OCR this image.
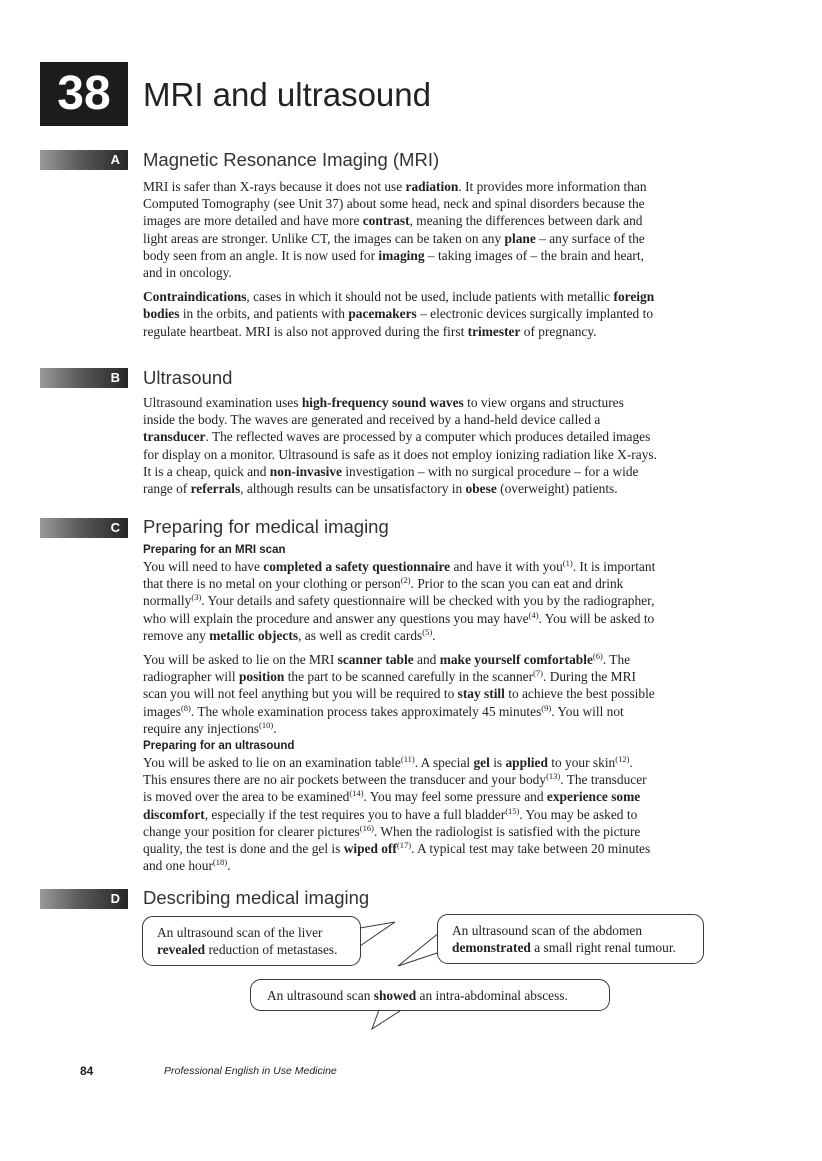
38 MRI and ultrasound
A Magnetic Resonance Imaging (MRI)

MRI is safer than X-rays because it does not use radiation. It provides more information than Computed Tomography (see Unit 37) about some head, neck and spinal disorders because the images are more detailed and have more contrast, meaning the differences between dark and light areas are stronger. Unlike CT, the images can be taken on any plane – any surface of the body seen from an angle. It is now used for imaging – taking images of – the brain and heart, and in oncology.

Contraindications, cases in which it should not be used, include patients with metallic foreign bodies in the orbits, and patients with pacemakers – electronic devices surgically implanted to regulate heartbeat. MRI is also not approved during the first trimester of pregnancy.

B Ultrasound

Ultrasound examination uses high-frequency sound waves to view organs and structures inside the body. The waves are generated and received by a hand-held device called a transducer. The reflected waves are processed by a computer which produces detailed images for display on a monitor. Ultrasound is safe as it does not employ ionizing radiation like X-rays. It is a cheap, quick and non-invasive investigation – with no surgical procedure – for a wide range of referrals, although results can be unsatisfactory in obese (overweight) patients.

C Preparing for medical imaging
Preparing for an MRI scan

You will need to have completed a safety questionnaire and have it with you$^{(1)}$. It is important that there is no metal on your clothing or person$^{(2)}$. Prior to the scan you can eat and drink normally$^{(3)}$. Your details and safety questionnaire will be checked with you by the radiographer, who will explain the procedure and answer any questions you may have$^{(4)}$. You will be asked to remove any metallic objects, as well as credit cards$^{(5)}$.

You will be asked to lie on the MRI scanner table and make yourself comfortable$^{(6)}$. The radiographer will position the part to be scanned carefully in the scanner$^{(7)}$. During the MRI scan you will not feel anything but you will be required to stay still to achieve the best possible images$^{(8)}$. The whole examination process takes approximately 45 minutes$^{(9)}$. You will not require any injections$^{(10)}$.

Preparing for an ultrasound

You will be asked to lie on an examination table$^{(11)}$. A special gel is applied to your skin$^{(12)}$. This ensures there are no air pockets between the transducer and your body$^{(13)}$. The transducer is moved over the area to be examined$^{(14)}$. You may feel some pressure and experience some discomfort, especially if the test requires you to have a full bladder$^{(15)}$. You may be asked to change your position for clearer pictures$^{(16)}$. When the radiologist is satisfied with the picture quality, the test is done and the gel is wiped off$^{(17)}$. A typical test may take between 20 minutes and one hour$^{(18)}$.

D Describing medical imaging
An ultrasound scan of the liver
revealed reduction of metastases.
An ultrasound scan of the abdomen
demonstrated a small right renal tumour.
An ultrasound scan showed an intra-abdominal abscess.
84	Professional English in Use Medicine
